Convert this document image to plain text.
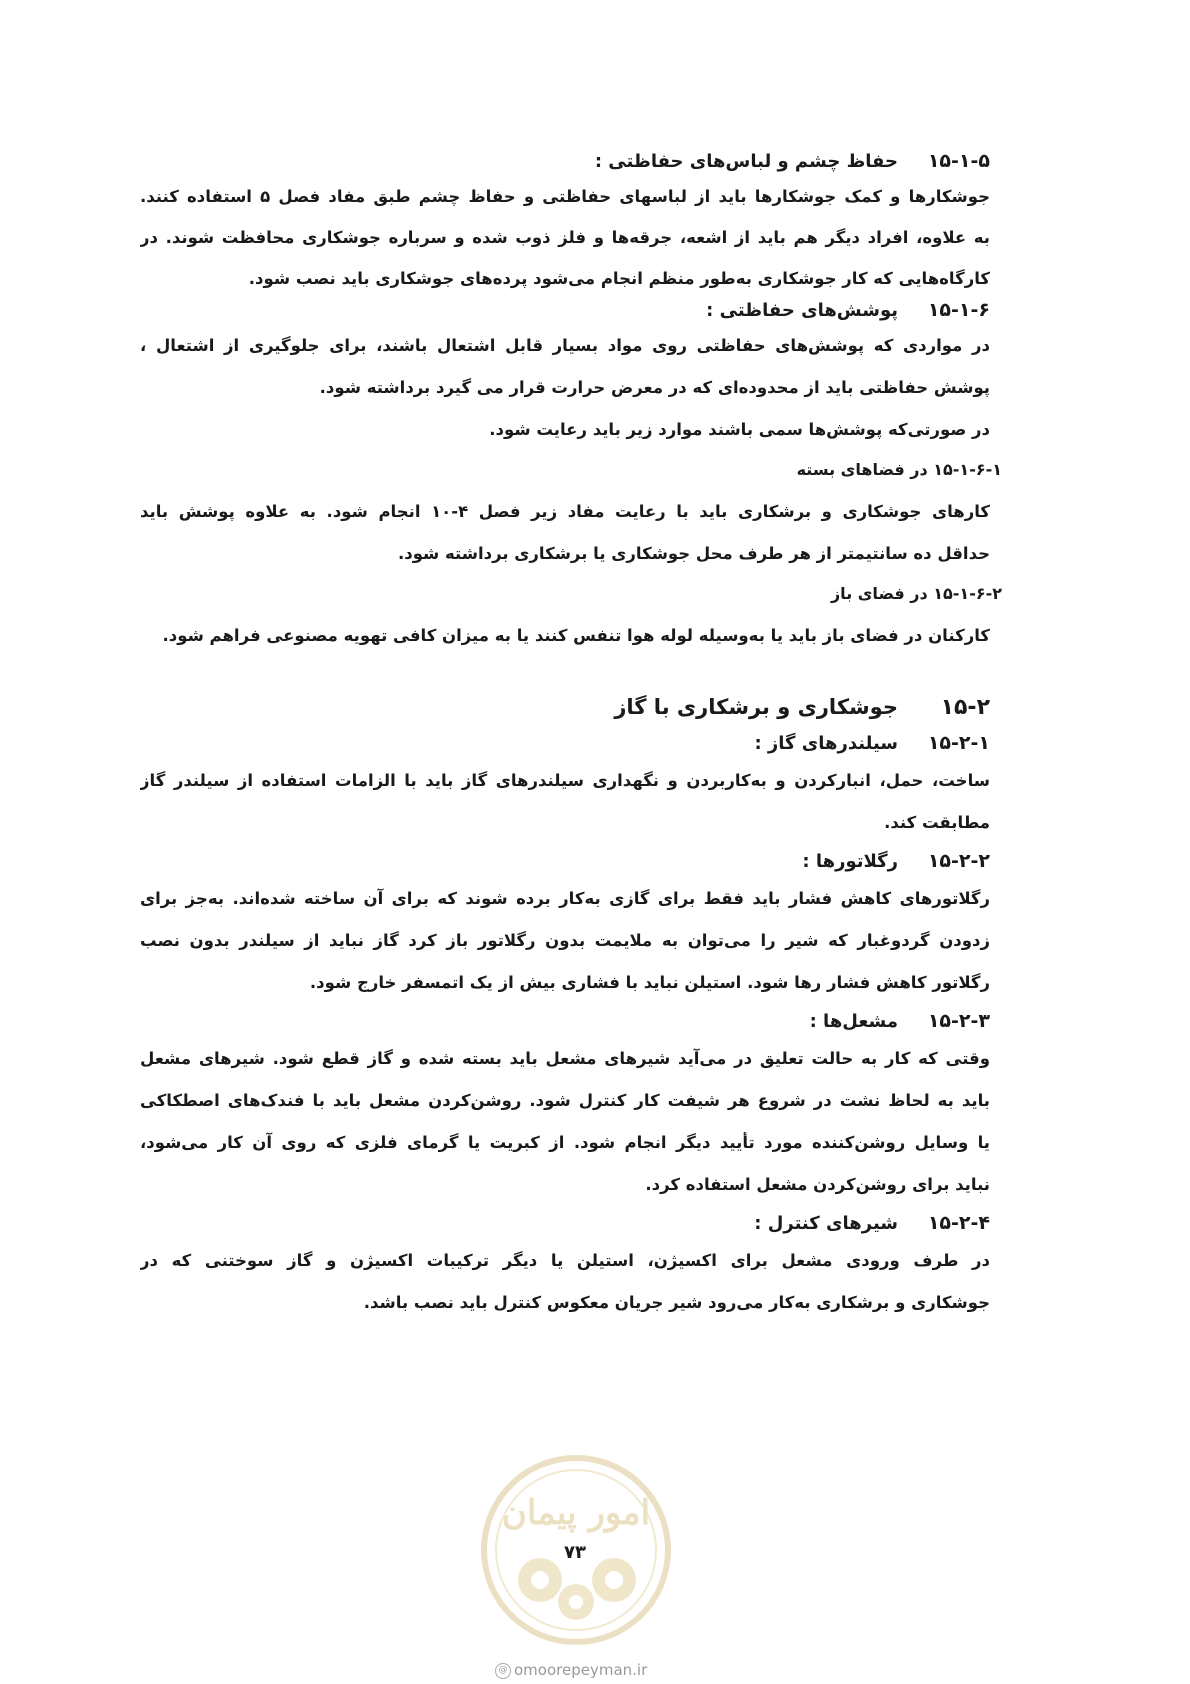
۱۵-۱-۵
حفاظ چشم و لباس‌های حفاظتی :
جوشکارها و کمک جوشکارها باید از لباسهای حفاظتی و حفاظ چشم طبق مفاد فصل ۵ استفاده کنند.
به علاوه، افراد دیگر هم باید از اشعه، جرقه‌ها و فلز ذوب شده و سرباره جوشکاری محافظت شوند. در
کارگاه‌هایی که کار جوشکاری به‌طور منظم انجام می‌شود پرده‌های جوشکاری باید نصب شود.
۱۵-۱-۶
پوشش‌های حفاظتی :
در مواردی که پوشش‌های حفاظتی روی مواد بسیار قابل اشتعال باشند، برای جلوگیری از اشتعال ،
پوشش حفاظتی باید از محدوده‌ای که در معرض حرارت قرار می گیرد برداشته شود.
در صورتی‌که پوشش‌ها سمی باشند موارد زیر باید رعایت شود.
۱۵-۱-۶-۱ در فضاهای بسته
کارهای جوشکاری و برشکاری باید با رعایت مفاد زیر فصل ۴-۱۰ انجام شود. به علاوه پوشش باید
حداقل ده سانتیمتر از هر طرف محل جوشکاری یا برشکاری برداشته شود.
۱۵-۱-۶-۲ در فضای باز
کارکنان در فضای باز باید یا به‌وسیله لوله هوا تنفس کنند یا به میزان کافی تهویه مصنوعی فراهم شود.
۱۵-۲
جوشکاری و برشکاری با گاز
۱۵-۲-۱
سیلندرهای گاز :
ساخت، حمل، انبارکردن و به‌کاربردن و نگهداری سیلندرهای گاز باید با الزامات استفاده از سیلندر گاز
مطابقت کند.
۱۵-۲-۲
رگلاتورها :
رگلاتورهای کاهش فشار باید فقط برای گازی به‌کار برده شوند که برای آن ساخته شده‌اند. به‌جز برای
زدودن گردوغبار که شیر را می‌توان به ملایمت بدون رگلاتور باز کرد گاز نباید از سیلندر بدون نصب
رگلاتور کاهش فشار رها شود. استیلن نباید با فشاری بیش از یک اتمسفر خارج شود.
۱۵-۲-۳
مشعل‌ها :
وقتی که کار به حالت تعلیق در می‌آید شیرهای مشعل باید بسته شده و گاز قطع شود. شیرهای مشعل
باید به لحاظ نشت در شروع هر شیفت کار کنترل شود. روشن‌کردن مشعل باید با فندک‌های اصطکاکی
یا وسایل روشن‌کننده مورد تأیید دیگر انجام شود. از کبریت یا گرمای فلزی که روی آن کار می‌شود،
نباید برای روشن‌کردن مشعل استفاده کرد.
۱۵-۲-۴
شیرهای کنترل :
در طرف ورودی مشعل برای اکسیژن، استیلن یا دیگر ترکیبات اکسیژن و گاز سوختنی که در
جوشکاری و برشکاری به‌کار می‌رود شیر جریان معکوس کنترل باید نصب باشد.
امور پیمان
۷۳
@ omoorepeyman.ir
